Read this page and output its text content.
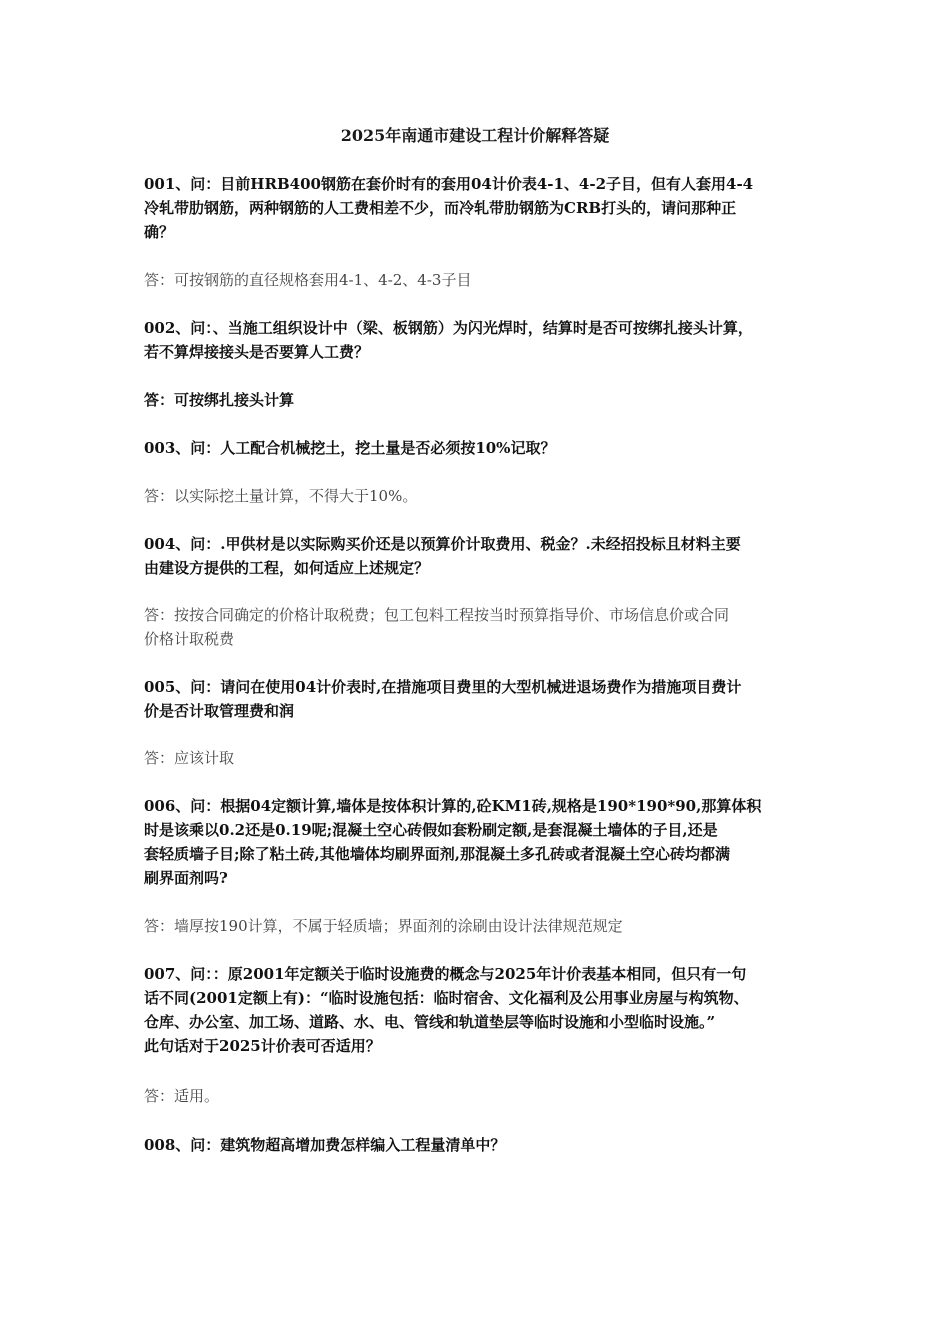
2025年南通市建设工程计价解释答疑
001、问：目前HRB400钢筋在套价时有的套用04计价表4-1、4-2子目，但有人套用4-4
冷轧带肋钢筋，两种钢筋的人工费相差不少，而冷轧带肋钢筋为CRB打头的，请问那种正
确？
答：可按钢筋的直径规格套用4-1、4-2、4-3子目
002、问：、当施工组织设计中（梁、板钢筋）为闪光焊时，结算时是否可按绑扎接头计算，
若不算焊接接头是否要算人工费？
答：可按绑扎接头计算
003、问：人工配合机械挖土，挖土量是否必须按10%记取？
答：以实际挖土量计算，不得大于10%。
004、问：.甲供材是以实际购买价还是以预算价计取费用、税金？.未经招投标且材料主要
由建设方提供的工程，如何适应上述规定？
答：按按合同确定的价格计取税费；包工包料工程按当时预算指导价、市场信息价或合同
价格计取税费
005、问：请问在使用04计价表时,在措施项目费里的大型机械进退场费作为措施项目费计
价是否计取管理费和润
答：应该计取
006、问：根据04定额计算,墙体是按体积计算的,砼KM1砖,规格是190*190*90,那算体积
时是该乘以0.2还是0.19呢;混凝土空心砖假如套粉刷定额,是套混凝土墙体的子目,还是
套轻质墙子目;除了粘土砖,其他墙体均刷界面剂,那混凝土多孔砖或者混凝土空心砖均都满
刷界面剂吗?
答：墙厚按190计算，不属于轻质墙；界面剂的涂刷由设计法律规范规定
007、问：：原2001年定额关于临时设施费的概念与2025年计价表基本相同，但只有一句
话不同(2001定额上有)：“临时设施包括：临时宿舍、文化福利及公用事业房屋与构筑物、
仓库、办公室、加工场、道路、水、电、管线和轨道垫层等临时设施和小型临时设施。”
此句话对于2025计价表可否适用？
答：适用。
008、问：建筑物超高增加费怎样编入工程量清单中？
